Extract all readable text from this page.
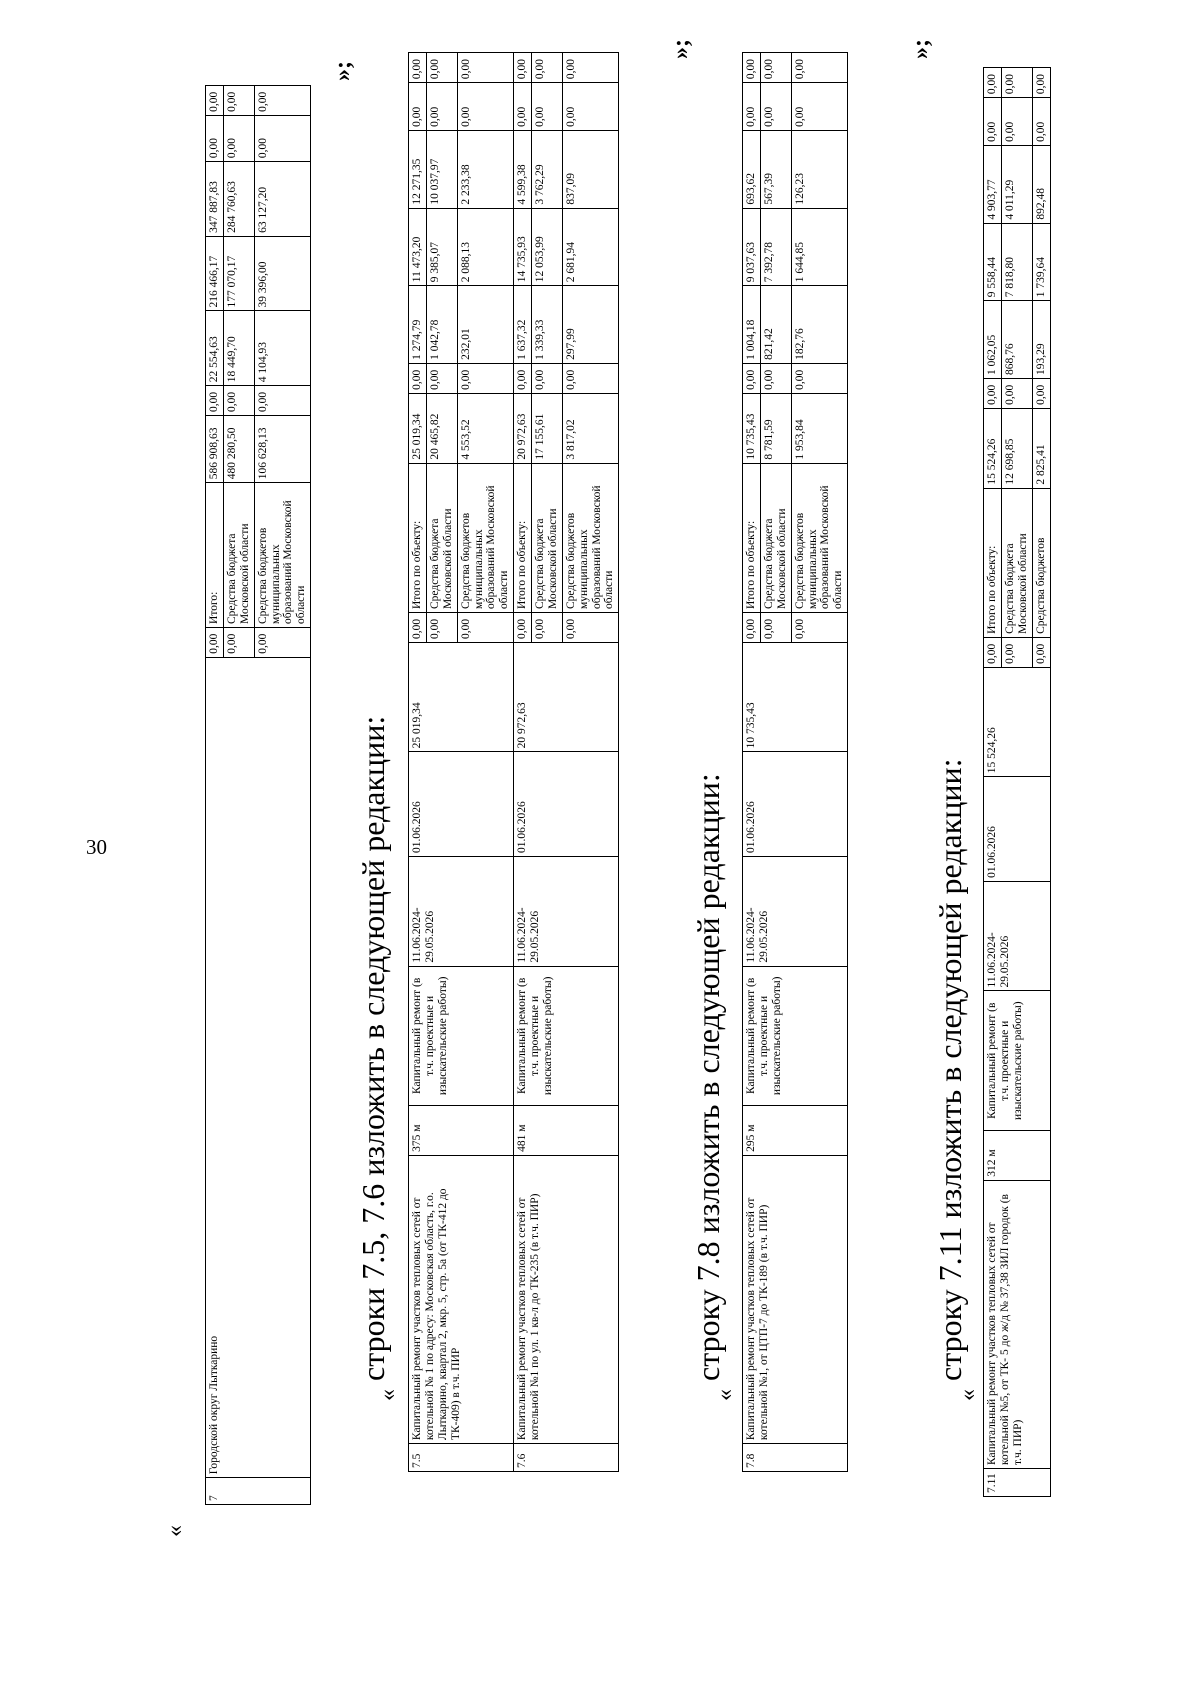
30
«
7	Городской округ Лыткарино	0,00	Итого:	586 908,63	0,00	22 554,63	216 466,17	347 887,83	0,00	0,00
		0,00	Средства бюджета Московской области	480 280,50	0,00	18 449,70	177 070,17	284 760,63	0,00	0,00
		0,00	Средства бюджетов муниципальных образований Московской области	106 628,13	0,00	4 104,93	39 396,00	63 127,20	0,00	0,00
»;
строки 7.5, 7.6 изложить в следующей редакции:
«
7.5	Капитальный ремонт участков тепловых сетей от котельной № 1 по адресу: Московская область, г.о. Лыткарино, квартал 2, мкр. 5, стр. 5а (от ТК-412 до ТК-409) в т.ч. ПИР	375 м	Капитальный ремонт (в т.ч. проектные и изыскательские работы)	11.06.2024-29.05.2026	01.06.2026	25 019,34	0,00	Итого по объекту:	25 019,34	0,00	1 274,79	11 473,20	12 271,35	0,00	0,00
							0,00	Средства бюджета Московской области	20 465,82	0,00	1 042,78	9 385,07	10 037,97	0,00	0,00
							0,00	Средства бюджетов муниципальных образований Московской области	4 553,52	0,00	232,01	2 088,13	2 233,38	0,00	0,00
7.6	Капитальный ремонт участков тепловых сетей от котельной №1 по ул. 1 кв-л до ТК-235 (в т.ч. ПИР)	481 м	Капитальный ремонт (в т.ч. проектные и изыскательские работы)	11.06.2024-29.05.2026	01.06.2026	20 972,63	0,00	Итого по объекту:	20 972,63	0,00	1 637,32	14 735,93	4 599,38	0,00	0,00
							0,00	Средства бюджета Московской области	17 155,61	0,00	1 339,33	12 053,99	3 762,29	0,00	0,00
							0,00	Средства бюджетов муниципальных образований Московской области	3 817,02	0,00	297,99	2 681,94	837,09	0,00	0,00
»;
строку 7.8 изложить в следующей редакции:
«
7.8	Капитальный ремонт участков тепловых сетей от котельной №1, от ЦТП-7 до ТК-189 (в т.ч. ПИР)	295 м	Капитальный ремонт (в т.ч. проектные и изыскательские работы)	11.06.2024-29.05.2026	01.06.2026	10 735,43	0,00	Итого по объекту:	10 735,43	0,00	1 004,18	9 037,63	693,62	0,00	0,00
							0,00	Средства бюджета Московской области	8 781,59	0,00	821,42	7 392,78	567,39	0,00	0,00
							0,00	Средства бюджетов муниципальных образований Московской области	1 953,84	0,00	182,76	1 644,85	126,23	0,00	0,00
»;
строку 7.11 изложить в следующей редакции:
«
7.11	Капитальный ремонт участков тепловых сетей от котельной №5, от ТК- 5 до ж/д № 37,38 ЗИЛ городок (в т.ч. ПИР)	312 м	Капитальный ремонт (в т.ч. проектные и изыскательские работы)	11.06.2024-29.05.2026	01.06.2026	15 524,26	0,00	Итого по объекту:	15 524,26	0,00	1 062,05	9 558,44	4 903,77	0,00	0,00
							0,00	Средства бюджета Московской области	12 698,85	0,00	868,76	7 818,80	4 011,29	0,00	0,00
							0,00	Средства бюджетов	2 825,41	0,00	193,29	1 739,64	892,48	0,00	0,00
